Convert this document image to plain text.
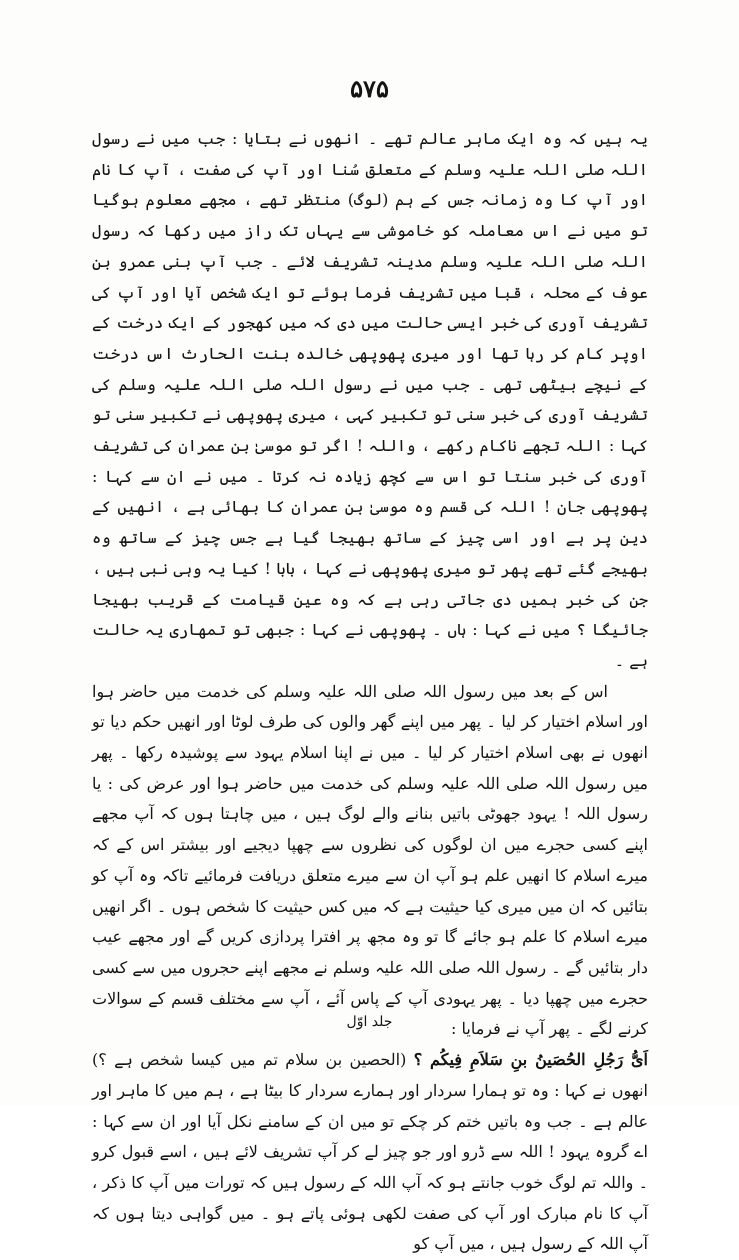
۵۷۵

یہ ہیں کہ وہ ایک ماہر عالم تھے ۔ انھوں نے بتایا : جب میں نے رسول اللہ صلی اللہ علیہ وسلم کے متعلق سُنا اور آپ کی صفت ، آپ کا نام اور آپ کا وہ زمانہ جس کے ہم (لوگ) منتظر تھے ، مجھے معلوم ہوگیا تو میں نے اس معاملہ کو خاموشی سے یہاں تک راز میں رکھا کہ رسول اللہ صلی اللہ علیہ وسلم مدینہ تشریف لائے ۔ جب آپ بنی عمرو بن عوف کے محلہ ، قبا میں تشریف فرما ہوئے تو ایک شخص آیا اور آپ کی تشریف آوری کی خبر ایسی حالت میں دی کہ میں کھجور کے ایک درخت کے اوپر کام کر رہا تھا اور میری پھوپھی خالدہ بنت الحارث اس درخت کے نیچے بیٹھی تھی ۔ جب میں نے رسول اللہ صلی اللہ علیہ وسلم کی تشریف آوری کی خبر سنی تو تکبیر کہی ، میری پھوپھی نے تکبیر سنی تو کہا : اللہ تجھے ناکام رکھے ، واللہ ! اگر تو موسیٰ بن عمران کی تشریف آوری کی خبر سنتا تو اس سے کچھ زیادہ نہ کرتا ۔ میں نے ان سے کہا : پھوپھی جان ! اللہ کی قسم وہ موسیٰ بن عمران کا بھائی ہے ، انھیں کے دین پر ہے اور اسی چیز کے ساتھ بھیجا گیا ہے جس چیز کے ساتھ وہ بھیجے گئے تھے پھر تو میری پھوپھی نے کہا ، بابا ! کیا یہ وہی نبی ہیں ، جن کی خبر ہمیں دی جاتی رہی ہے کہ وہ عین قیامت کے قریب بھیجا جائیگا ؟ میں نے کہا : ہاں ۔ پھوپھی نے کہا : جبھی تو تمھاری یہ حالت ہے ۔

اس کے بعد میں رسول اللہ صلی اللہ علیہ وسلم کی خدمت میں حاضر ہوا اور اسلام اختیار کر لیا ۔ پھر میں اپنے گھر والوں کی طرف لوٹا اور انھیں حکم دیا تو انھوں نے بھی اسلام اختیار کر لیا ۔ میں نے اپنا اسلام یہود سے پوشیدہ رکھا ۔ پھر میں رسول اللہ صلی اللہ علیہ وسلم کی خدمت میں حاضر ہوا اور عرض کی : یا رسول اللہ ! یہود جھوٹی باتیں بنانے والے لوگ ہیں ، میں چاہتا ہوں کہ آپ مجھے اپنے کسی حجرے میں ان لوگوں کی نظروں سے چھپا دیجیے اور بیشتر اس کے کہ میرے اسلام کا انھیں علم ہو آپ ان سے میرے متعلق دریافت فرمائیے تاکہ وہ آپ کو بتائیں کہ ان میں میری کیا حیثیت ہے کہ میں کس حیثیت کا شخص ہوں ۔ اگر انھیں میرے اسلام کا علم ہو جائے گا تو وہ مجھ پر افترا پردازی کریں گے اور مجھے عیب دار بتائیں گے ۔ رسول اللہ صلی اللہ علیہ وسلم نے مجھے اپنے حجروں میں سے کسی حجرے میں چھپا دیا ۔ پھر یہودی آپ کے پاس آئے ، آپ سے مختلف قسم کے سوالات کرنے لگے ۔ پھر آپ نے فرمایا :

اَیُّ رَجُلِِ الحُصَینُ بنِ سَلاَمِِ فِیکُم ؟ (الحصین بن سلام تم میں کیسا شخص ہے ؟) انھوں نے کہا : وہ تو ہمارا سردار اور ہمارے سردار کا بیٹا ہے ، ہم میں کا ماہر اور عالم ہے ۔ جب وہ باتیں ختم کر چکے تو میں ان کے سامنے نکل آیا اور ان سے کہا : اے گروہ یہود ! اللہ سے ڈرو اور جو چیز لے کر آپ تشریف لائے ہیں ، اسے قبول کرو ۔ واللہ تم لوگ خوب جانتے ہو کہ آپ اللہ کے رسول ہیں کہ تورات میں آپ کا ذکر ، آپ کا نام مبارک اور آپ کی صفت لکھی ہوئی پاتے ہو ۔ میں گواہی دیتا ہوں کہ آپ اللہ کے رسول ہیں ، میں آپ کو

جلد اوّل
